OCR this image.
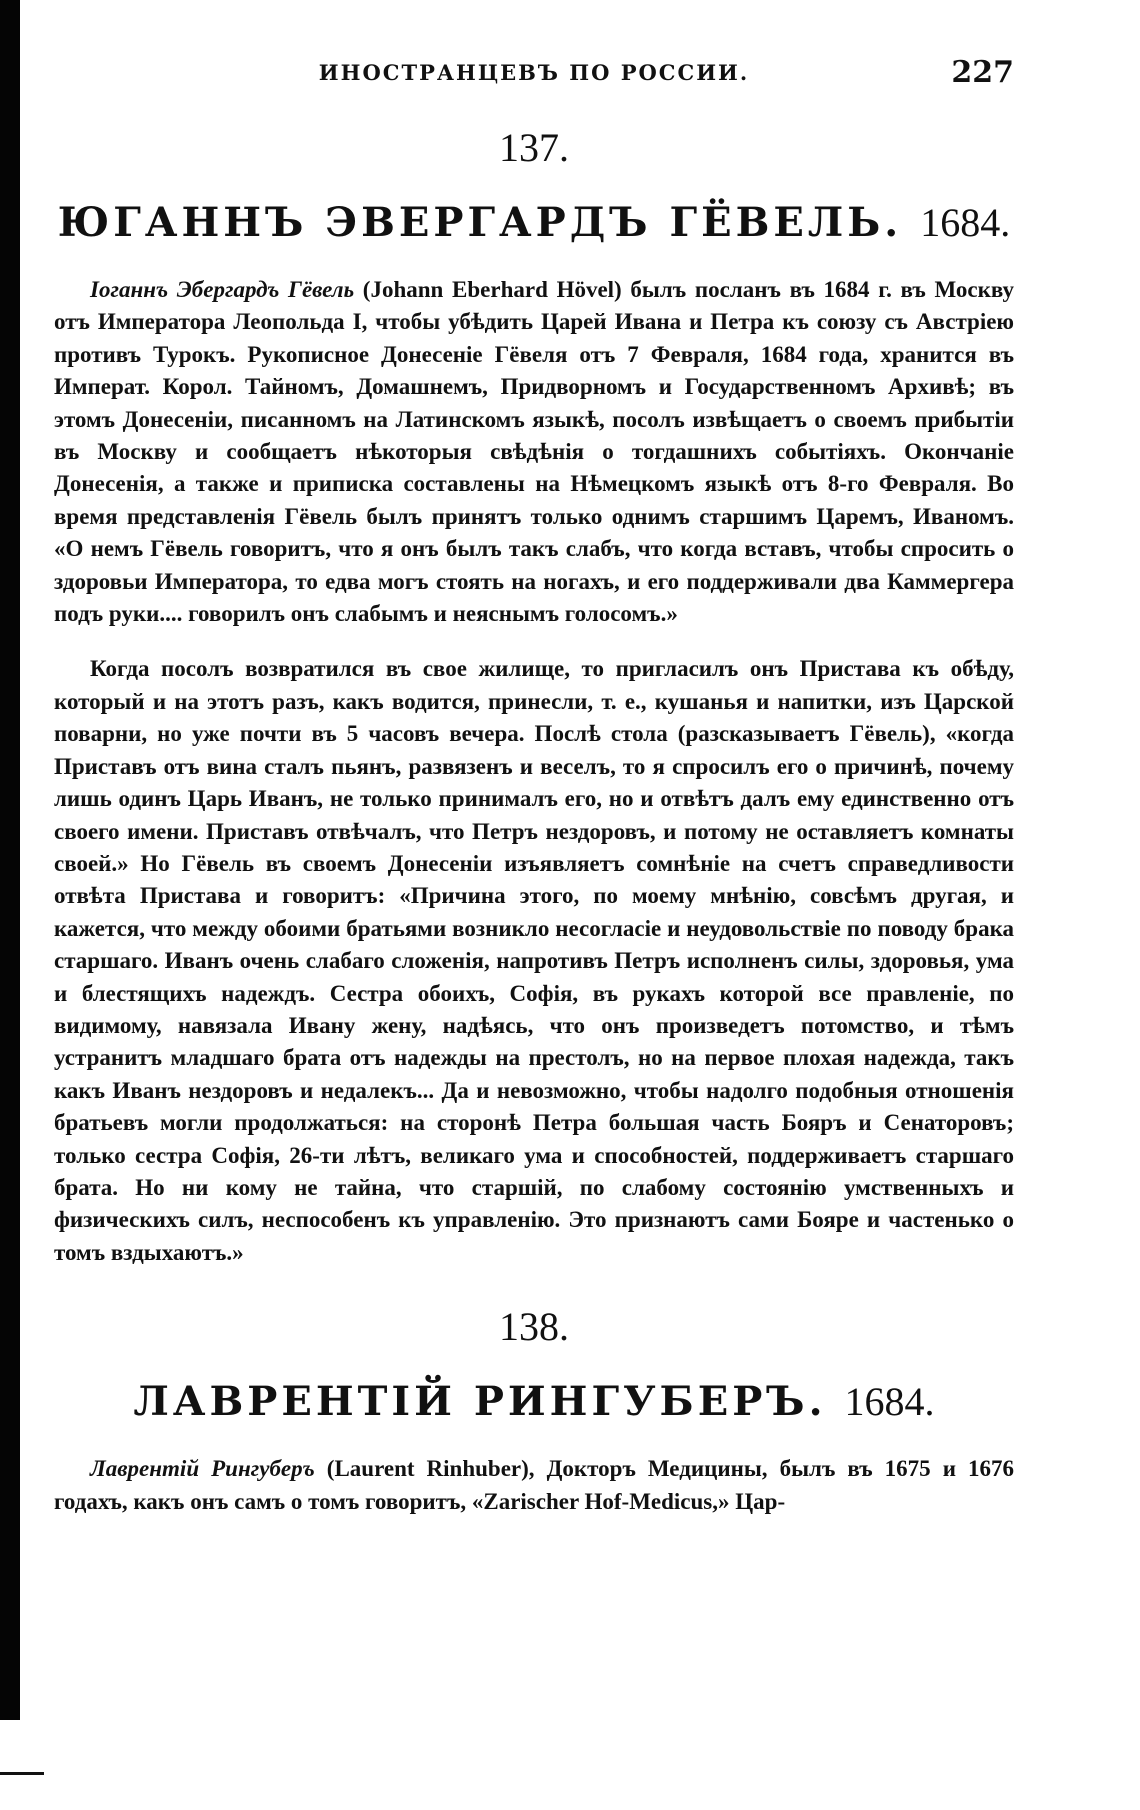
ИНОСТРАНЦЕВЪ ПО РОССИИ.	227
137.
ЮГАННЪ ЭВЕРГАРДЪ ГЁВЕЛЬ. 1684.

Іоганнъ Эбергардъ Гёвель (Johann Eberhard Hövel) былъ посланъ въ 1684 г. въ Москву отъ Императора Леопольда I, чтобы убѣдить Царей Ивана и Петра къ союзу съ Австріею противъ Турокъ. Рукописное Донесеніе Гёвеля отъ 7 Февраля, 1684 года, хранится въ Императ. Корол. Тайномъ, Домашнемъ, Придворномъ и Государственномъ Архивѣ; въ этомъ Донесеніи, писанномъ на Латинскомъ языкѣ, посолъ извѣщаетъ о своемъ прибытіи въ Москву и сообщаетъ нѣкоторыя свѣдѣнія о тогдашнихъ событіяхъ. Окончаніе Донесенія, а также и приписка составлены на Нѣмецкомъ языкѣ отъ 8-го Февраля. Во время представленія Гёвель былъ принятъ только однимъ старшимъ Царемъ, Иваномъ. «О немъ Гёвель говоритъ, что я онъ былъ такъ слабъ, что когда вставъ, чтобы спросить о здоровьи Императора, то едва могъ стоять на ногахъ, и его поддерживали два Каммергера подъ руки.... говорилъ онъ слабымъ и неяснымъ голосомъ.»

Когда посолъ возвратился въ свое жилище, то пригласилъ онъ Пристава къ обѣду, который и на этотъ разъ, какъ водится, принесли, т. е., кушанья и напитки, изъ Царской поварни, но уже почти въ 5 часовъ вечера. Послѣ стола (разсказываетъ Гёвель), «когда Приставъ отъ вина сталъ пьянъ, развязенъ и веселъ, то я спросилъ его о причинѣ, почему лишь одинъ Царь Иванъ, не только принималъ его, но и отвѣтъ далъ ему единственно отъ своего имени. Приставъ отвѣчалъ, что Петръ нездоровъ, и потому не оставляетъ комнаты своей.» Но Гёвель въ своемъ Донесеніи изъявляетъ сомнѣніе на счетъ справедливости отвѣта Пристава и говоритъ: «Причина этого, по моему мнѣнію, совсѣмъ другая, и кажется, что между обоими братьями возникло несогласіе и неудовольствіе по поводу брака старшаго. Иванъ очень слабаго сложенія, напротивъ Петръ исполненъ силы, здоровья, ума и блестящихъ надеждъ. Сестра обоихъ, Софія, въ рукахъ которой все правленіе, по видимому, навязала Ивану жену, надѣясь, что онъ произведетъ потомство, и тѣмъ устранитъ младшаго брата отъ надежды на престолъ, но на первое плохая надежда, такъ какъ Иванъ нездоровъ и недалекъ... Да и невозможно, чтобы надолго подобныя отношенія братьевъ могли продолжаться: на сторонѣ Петра большая часть Бояръ и Сенаторовъ; только сестра Софія, 26-ти лѣтъ, великаго ума и способностей, поддерживаетъ старшаго брата. Но ни кому не тайна, что старшій, по слабому состоянію умственныхъ и физическихъ силъ, неспособенъ къ управленію. Это признаютъ сами Бояре и частенько о томъ вздыхаютъ.»

138.
ЛАВРЕНТІЙ РИНГУБЕРЪ. 1684.

Лаврентій Рингуберъ (Laurent Rinhuber), Докторъ Медицины, былъ въ 1675 и 1676 годахъ, какъ онъ самъ о томъ говоритъ, «Zarischer Hof-Medicus,» Цар-
